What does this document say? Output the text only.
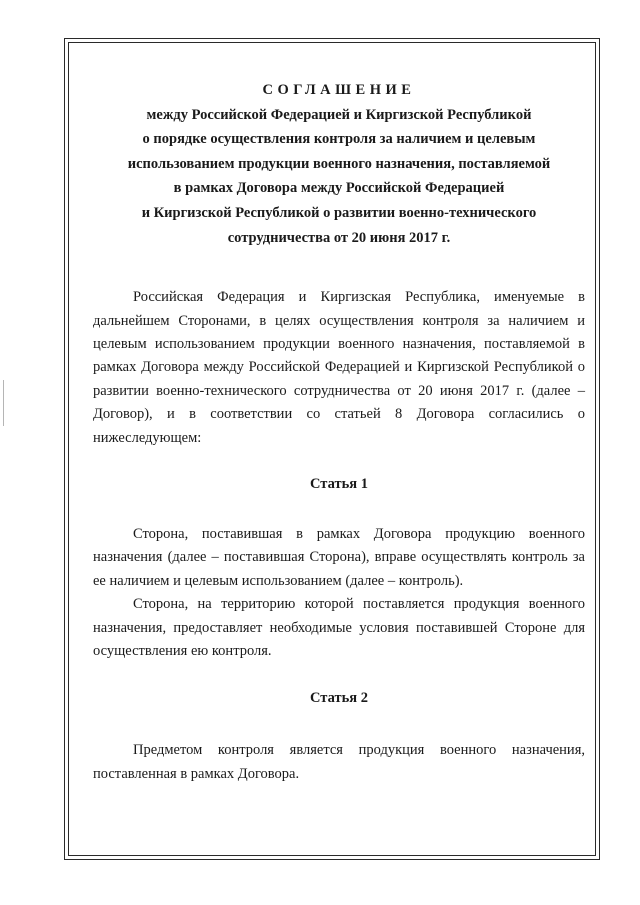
СОГЛАШЕНИЕ
между Российской Федерацией и Киргизской Республикой
о порядке осуществления контроля за наличием и целевым
использованием продукции военного назначения, поставляемой
в рамках Договора между Российской Федерацией
и Киргизской Республикой о развитии военно-технического
сотрудничества от 20 июня 2017 г.

Российская Федерация и Киргизская Республика, именуемые в дальнейшем Сторонами, в целях осуществления контроля за наличием и целевым использованием продукции военного назначения, поставляемой в рамках Договора между Российской Федерацией и Киргизской Республикой о развитии военно-технического сотрудничества от 20 июня 2017 г. (далее – Договор), и в соответствии со статьей 8 Договора согласились о нижеследующем:

Статья 1

Сторона, поставившая в рамках Договора продукцию военного назначения (далее – поставившая Сторона), вправе осуществлять контроль за ее наличием и целевым использованием (далее – контроль).

Сторона, на территорию которой поставляется продукция военного назначения, предоставляет необходимые условия поставившей Стороне для осуществления ею контроля.

Статья 2

Предметом контроля является продукция военного назначения, поставленная в рамках Договора.
